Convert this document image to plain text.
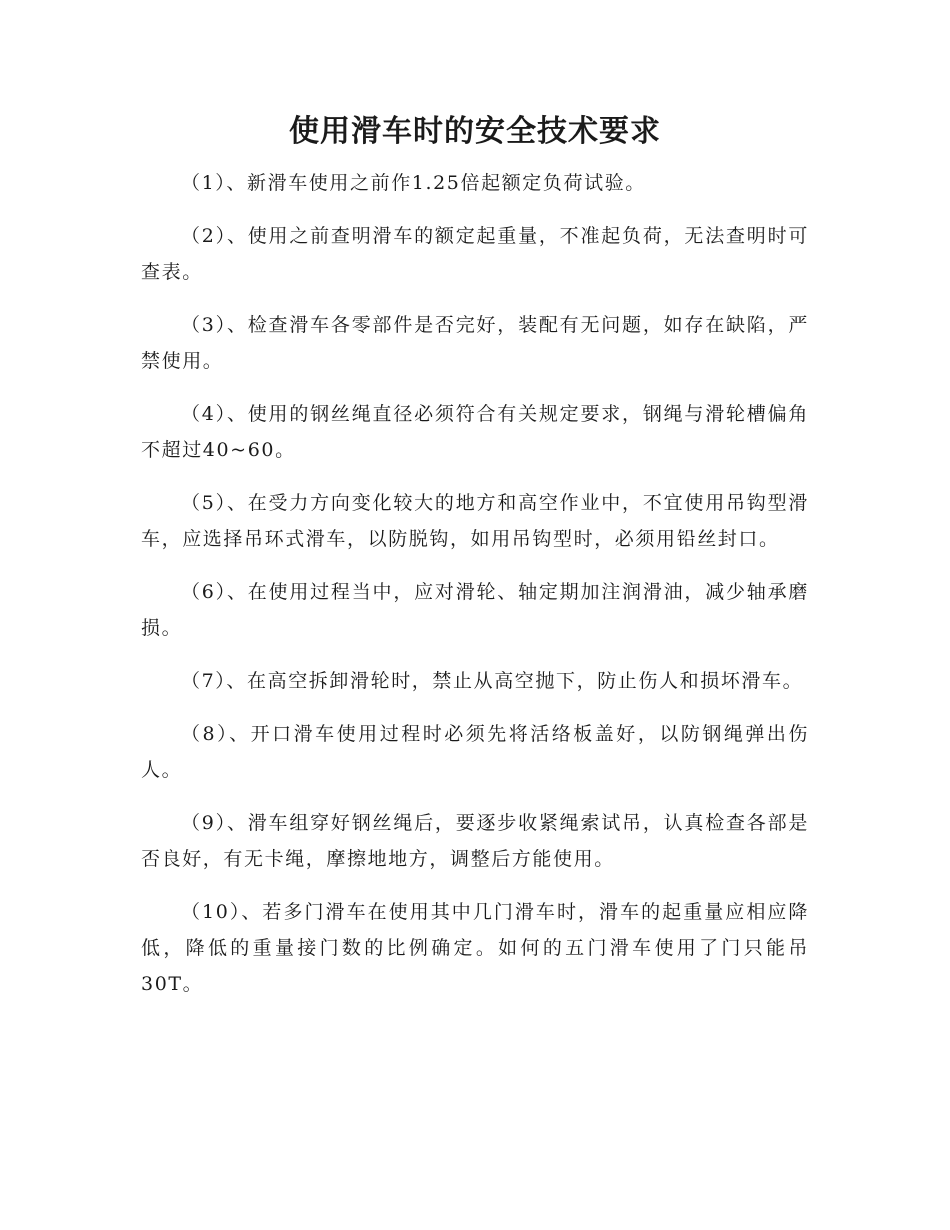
使用滑车时的安全技术要求

（1）、新滑车使用之前作1.25倍起额定负荷试验。

（2）、使用之前查明滑车的额定起重量，不准起负荷，无法查明时可查表。

（3）、检查滑车各零部件是否完好，装配有无问题，如存在缺陷，严禁使用。

（4）、使用的钢丝绳直径必须符合有关规定要求，钢绳与滑轮槽偏角不超过40~60。

（5）、在受力方向变化较大的地方和高空作业中，不宜使用吊钩型滑车，应选择吊环式滑车，以防脱钩，如用吊钩型时，必须用铅丝封口。

（6）、在使用过程当中，应对滑轮、轴定期加注润滑油，减少轴承磨损。

（7）、在高空拆卸滑轮时，禁止从高空抛下，防止伤人和损坏滑车。

（8）、开口滑车使用过程时必须先将活络板盖好，以防钢绳弹出伤人。

（9）、滑车组穿好钢丝绳后，要逐步收紧绳索试吊，认真检查各部是否良好，有无卡绳，摩擦地地方，调整后方能使用。

（10）、若多门滑车在使用其中几门滑车时，滑车的起重量应相应降低，降低的重量接门数的比例确定。如何的五门滑车使用了门只能吊30T。
